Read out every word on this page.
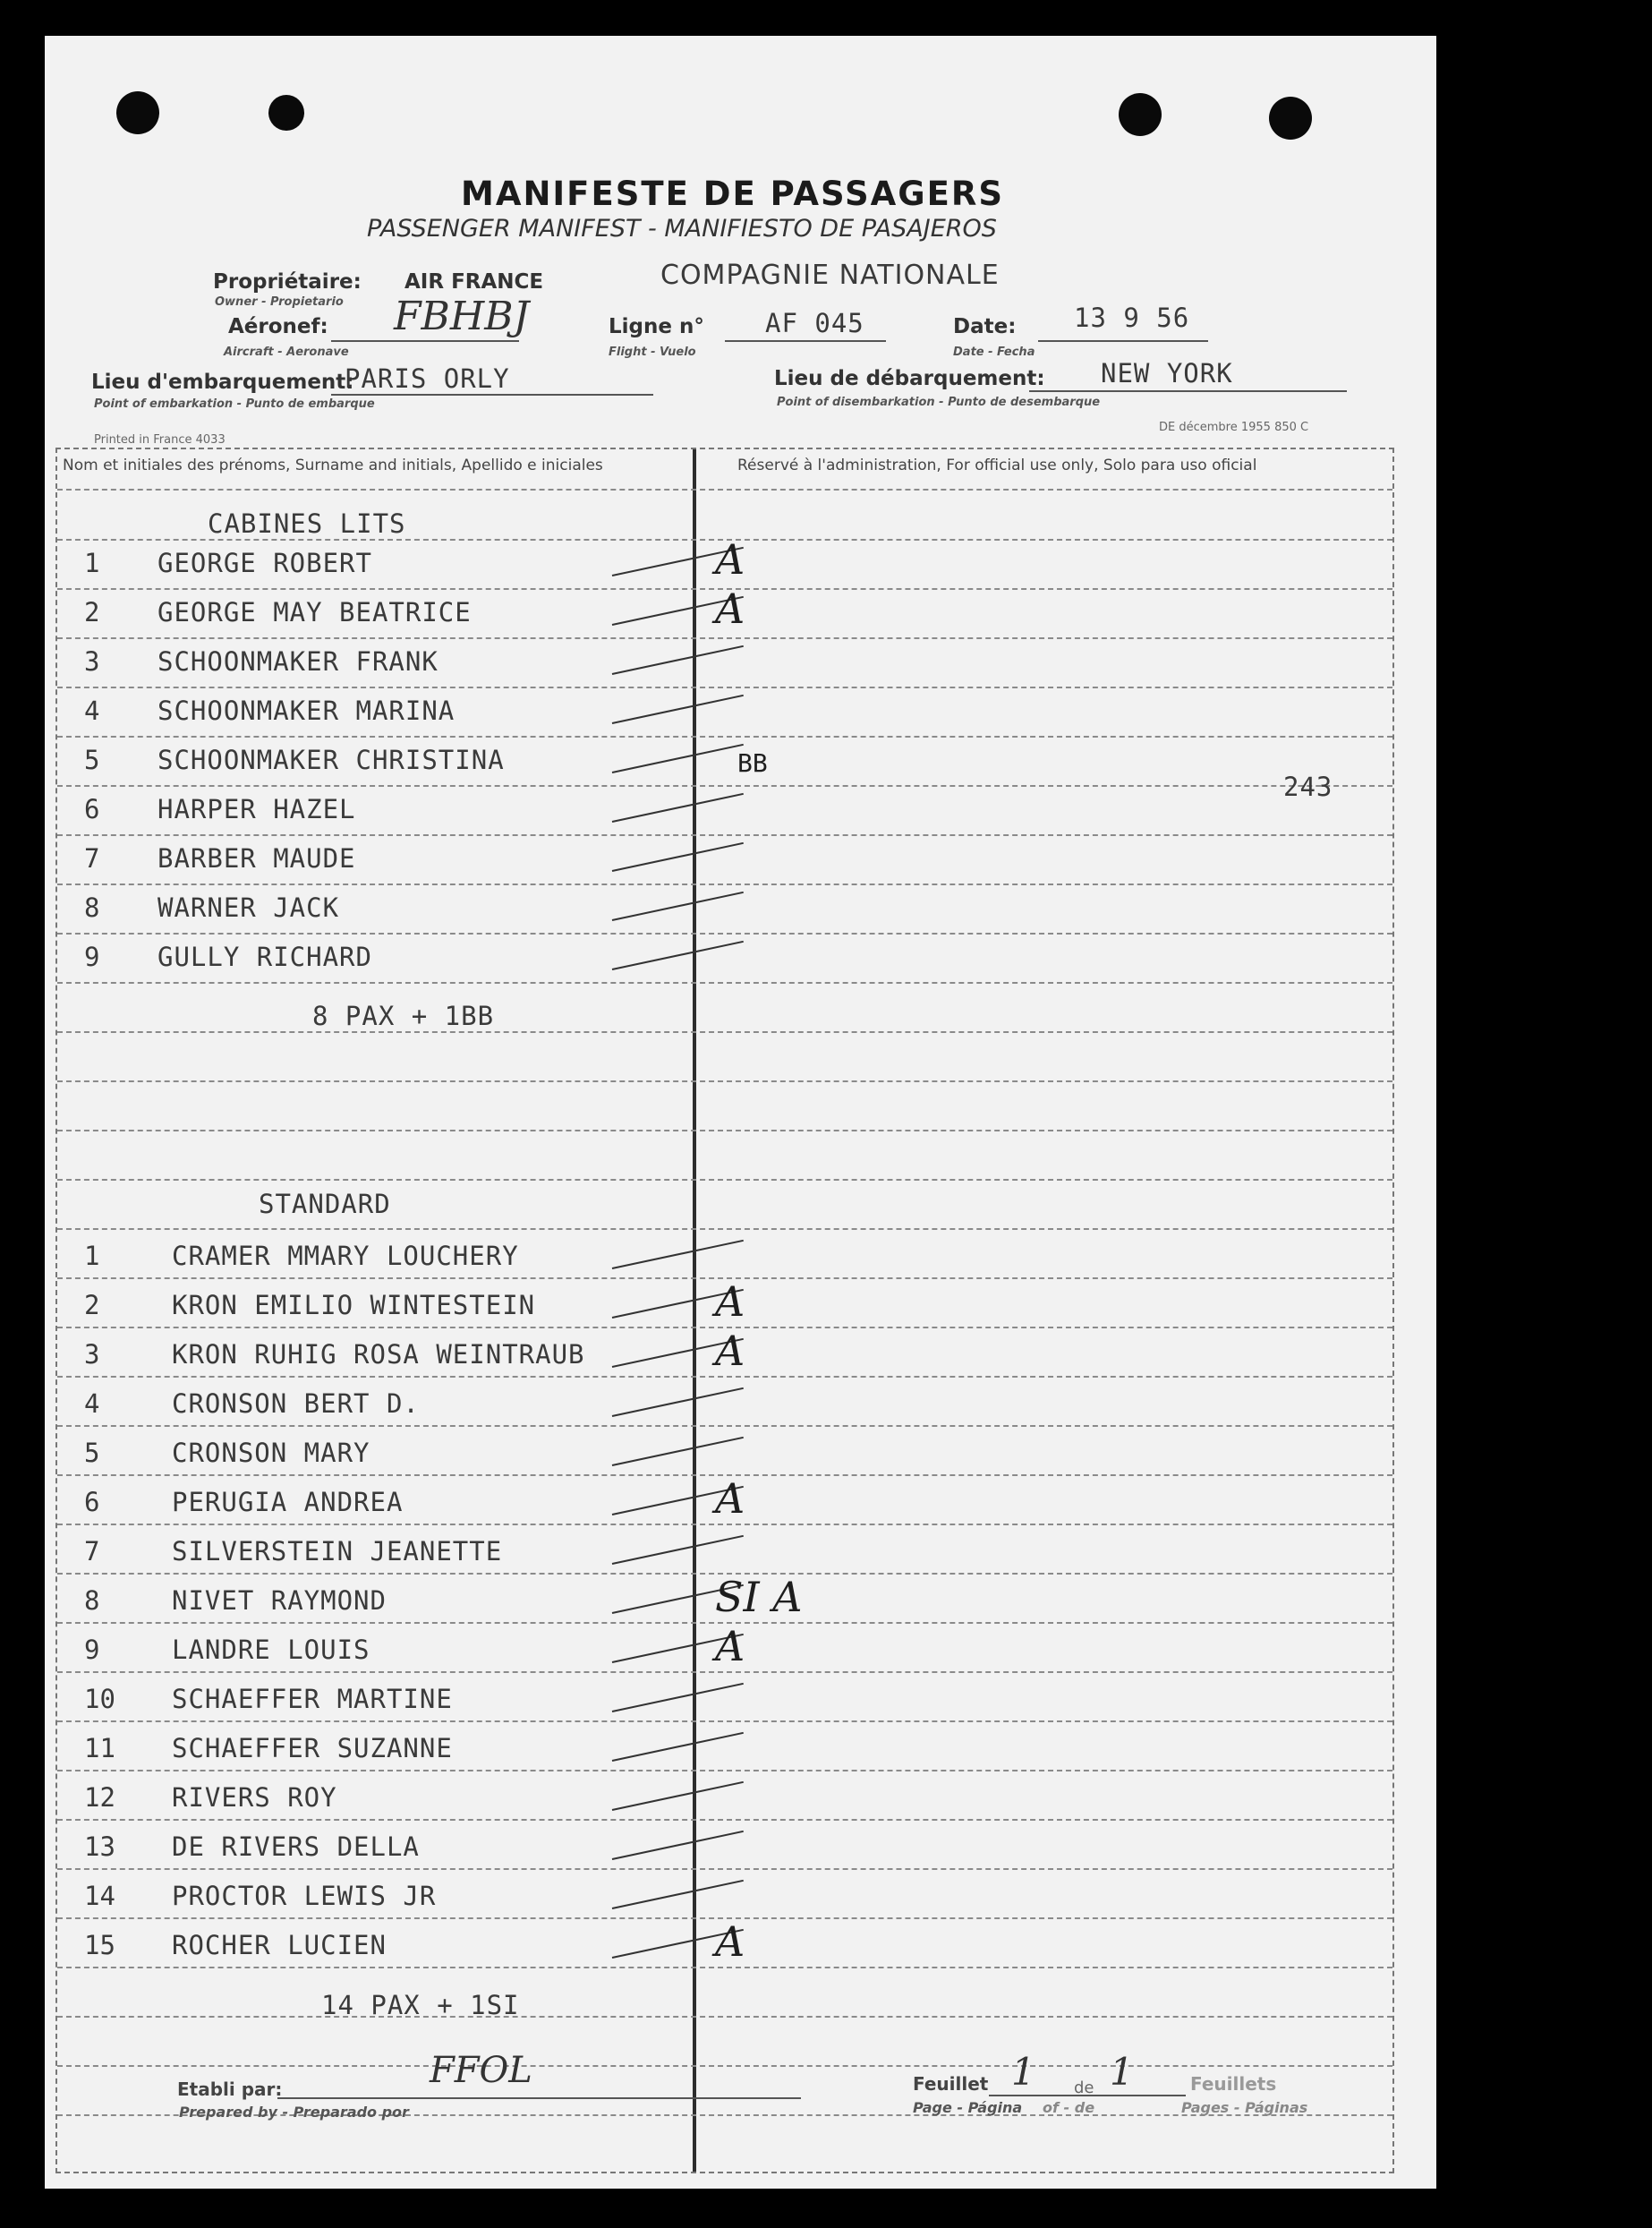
MANIFESTE DE PASSAGERS
PASSENGER MANIFEST - MANIFIESTO DE PASAJEROS
Propriétaire: AIR FRANCE
Owner - Propietario
COMPAGNIE NATIONALE
Aéronef: FBHBJ
Aircraft - Aeronave
Ligne n° AF 045
Flight - Vuelo
Date: 13 9 56
Date - Fecha
Lieu d'embarquement:
PARIS ORLY
Point of embarkation - Punto de embarque
Lieu de débarquement: NEW YORK
Point of disembarkation - Punto de desembarque
Printed in France 4033
DE décembre 1955 850 C
Nom et initiales des prénoms, Surname and initials, Apellido e iniciales	Réservé à l'administration, For official use only, Solo para uso oficial
CABINES LITS
1 GEORGE ROBERT	A
2 GEORGE MAY BEATRICE	A
3 SCHOONMAKER FRANK
4 SCHOONMAKER MARINA
5 SCHOONMAKER CHRISTINA	BB
6 HARPER HAZEL
7 BARBER MAUDE
8 WARNER JACK
9 GULLY RICHARD
8 PAX + 1BB
243
STANDARD
1	CRAMER MMARY LOUCHERY
2	KRON EMILIO WINTESTEIN	A
3	KRON RUHIG ROSA WEINTRAUB	A
4	CRONSON BERT D.
5	CRONSON MARY
6	PERUGIA ANDREA	A
7	SILVERSTEIN JEANETTE
8	NIVET RAYMOND	SI A
9	LANDRE LOUIS	A
10 SCHAEFFER MARTINE
11 SCHAEFFER SUZANNE
12 RIVERS ROY
13 DE RIVERS DELLA
14 PROCTOR LEWIS JR
15 ROCHER LUCIEN	A
14 PAX + 1SI
Etabli par:
Prepared by - Preparado por
FFOL	Feuillet 1 de 1	Feuillets
Page - Página of - de	Pages - Páginas
